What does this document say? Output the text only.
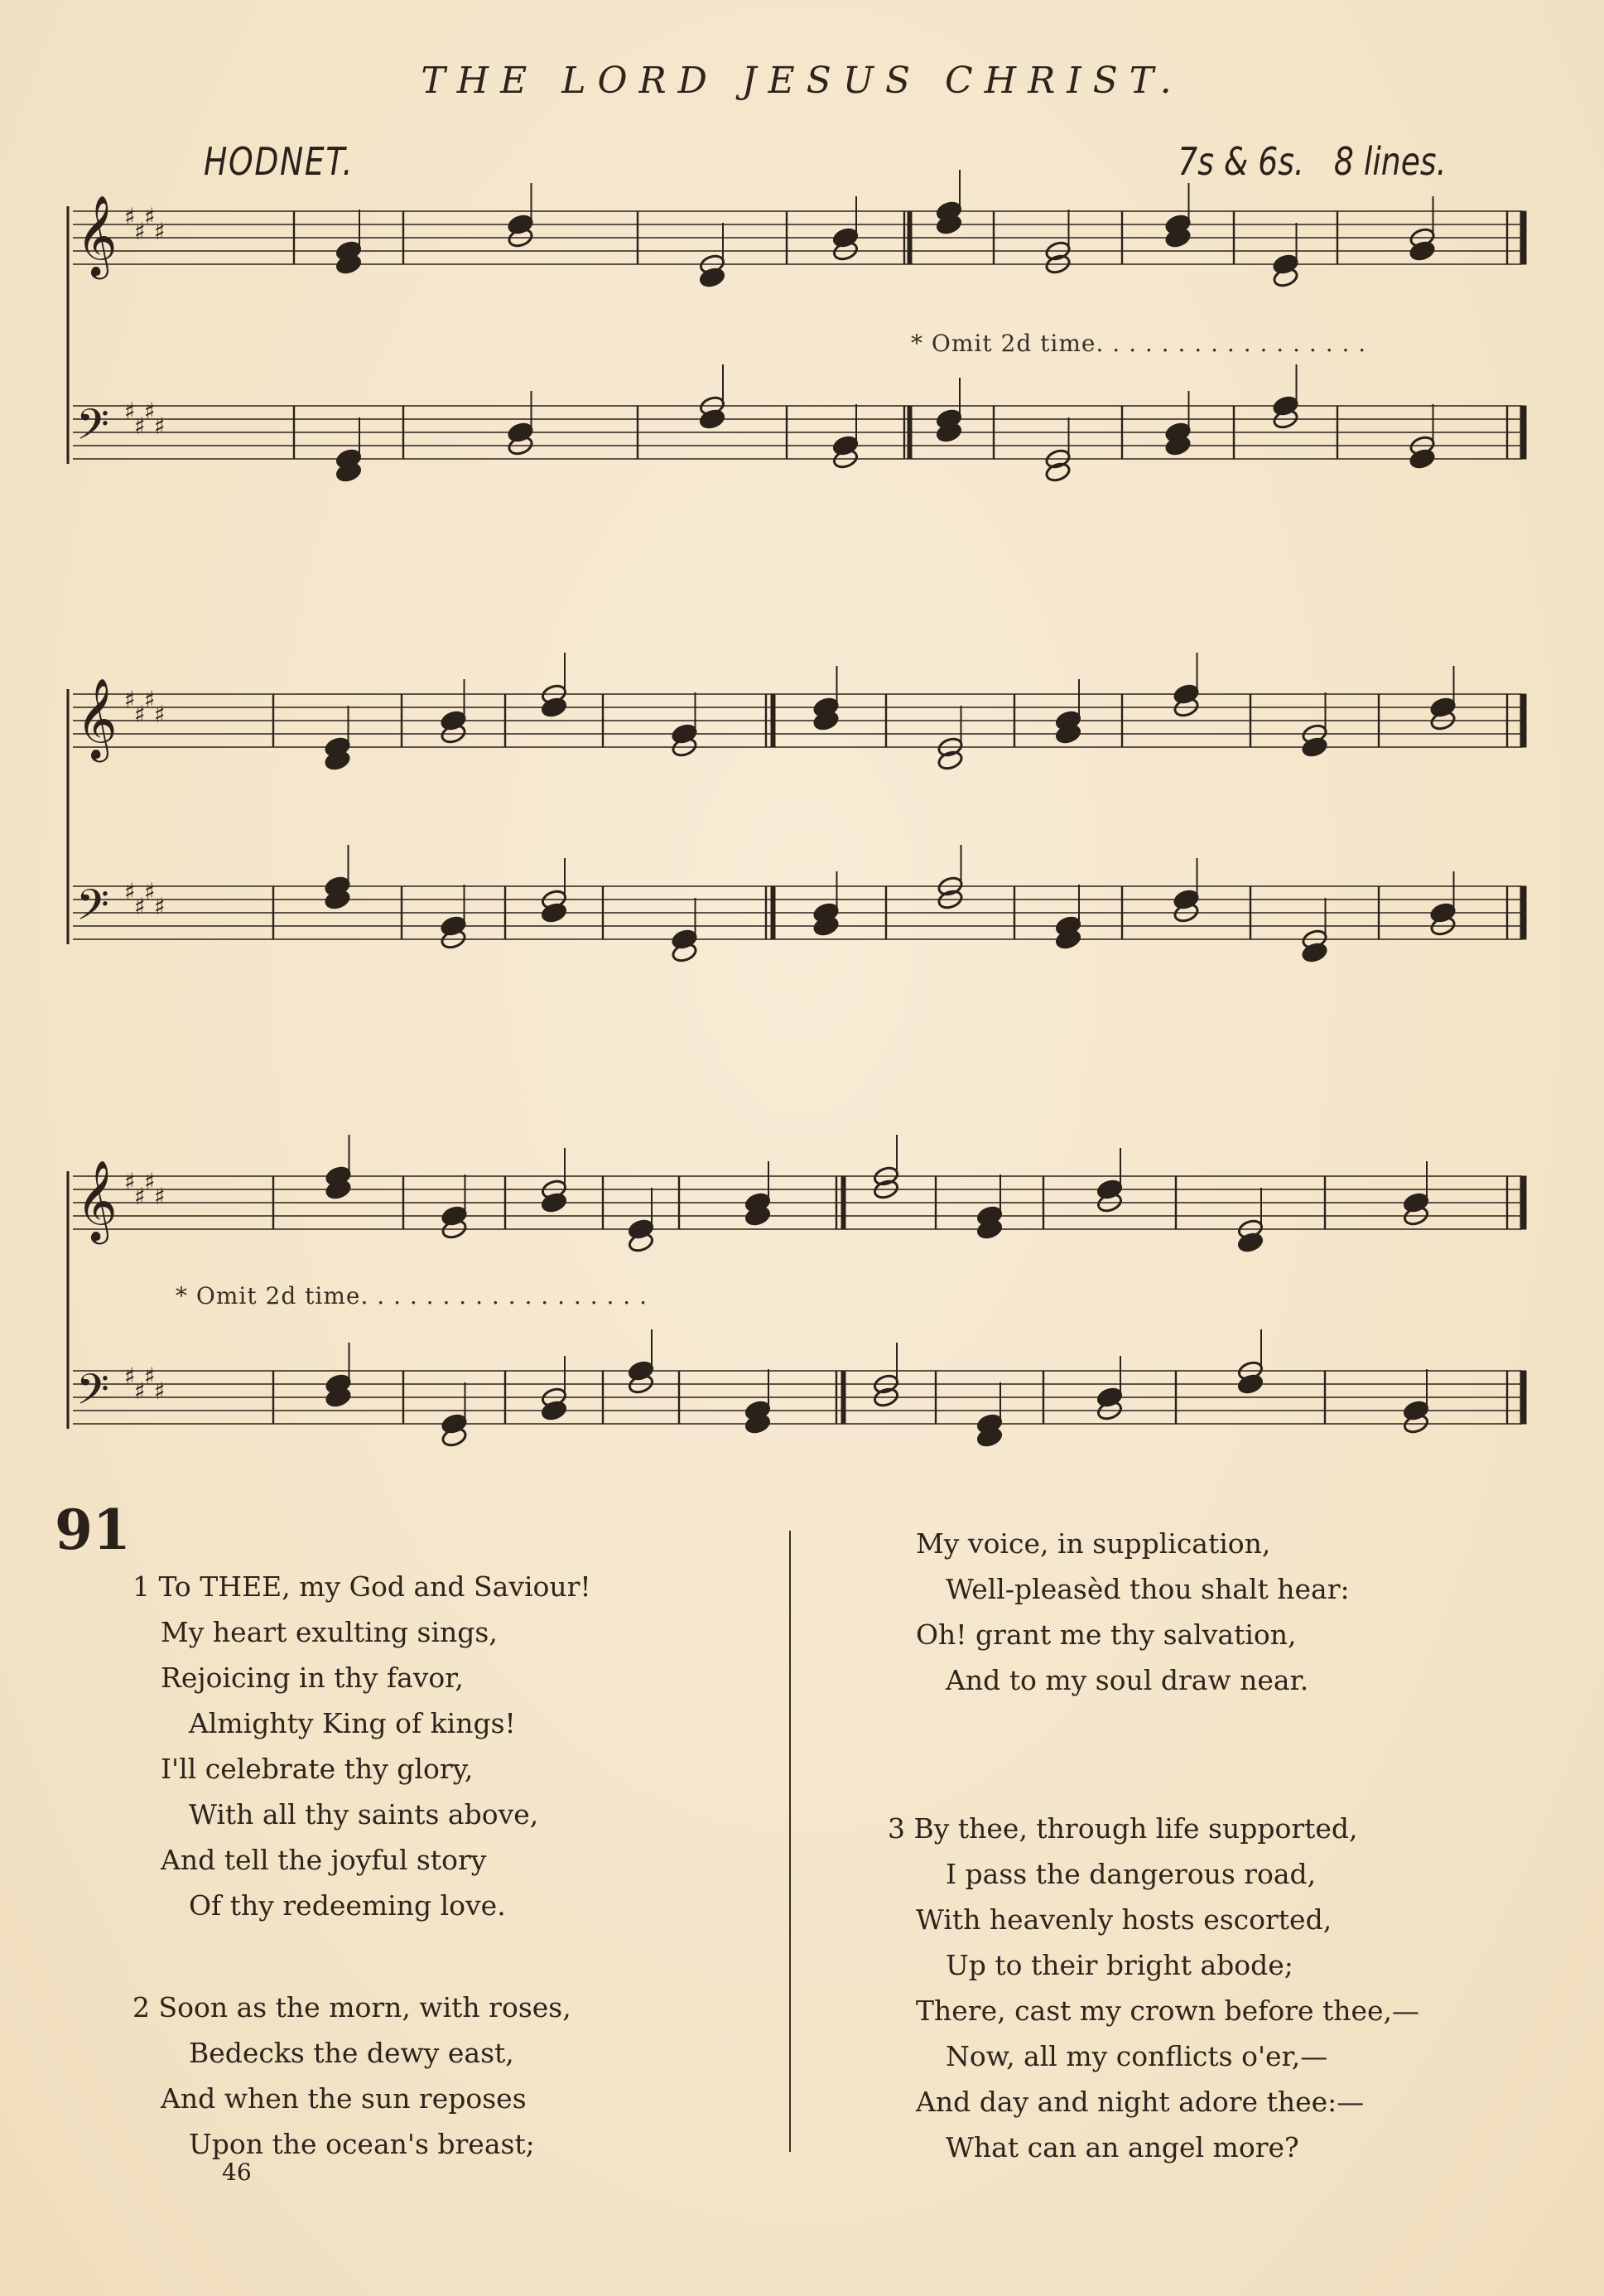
THE LORD JESUS CHRIST.
HODNET.	7s & 6s.   8 lines.
𝄞 ♯
♯
♯
♯
𝄢 ♯
♯
♯
♯
𝄞 ♯
♯
♯
♯
𝄢 ♯
♯
♯
♯
𝄞 ♯
♯
♯
♯
𝄢 ♯
♯
♯
♯
* Omit 2d time. . . . . . . . . . . . . . . . .
* Omit 2d time. . . . . . . . . . . . . . . . . .
91
1 To THEE, my God and Saviour!
My heart exulting sings,
Rejoicing in thy favor,
Almighty King of kings!
I'll celebrate thy glory,
With all thy saints above,
And tell the joyful story
Of thy redeeming love.
2 Soon as the morn, with roses,
Bedecks the dewy east,
And when the sun reposes
Upon the ocean's breast;
My voice, in supplication,
Well-pleasèd thou shalt hear:
Oh! grant me thy salvation,
And to my soul draw near.
3 By thee, through life supported,
I pass the dangerous road,
With heavenly hosts escorted,
Up to their bright abode;
There, cast my crown before thee,—
Now, all my conflicts o'er,—
And day and night adore thee:—
What can an angel more?
46
